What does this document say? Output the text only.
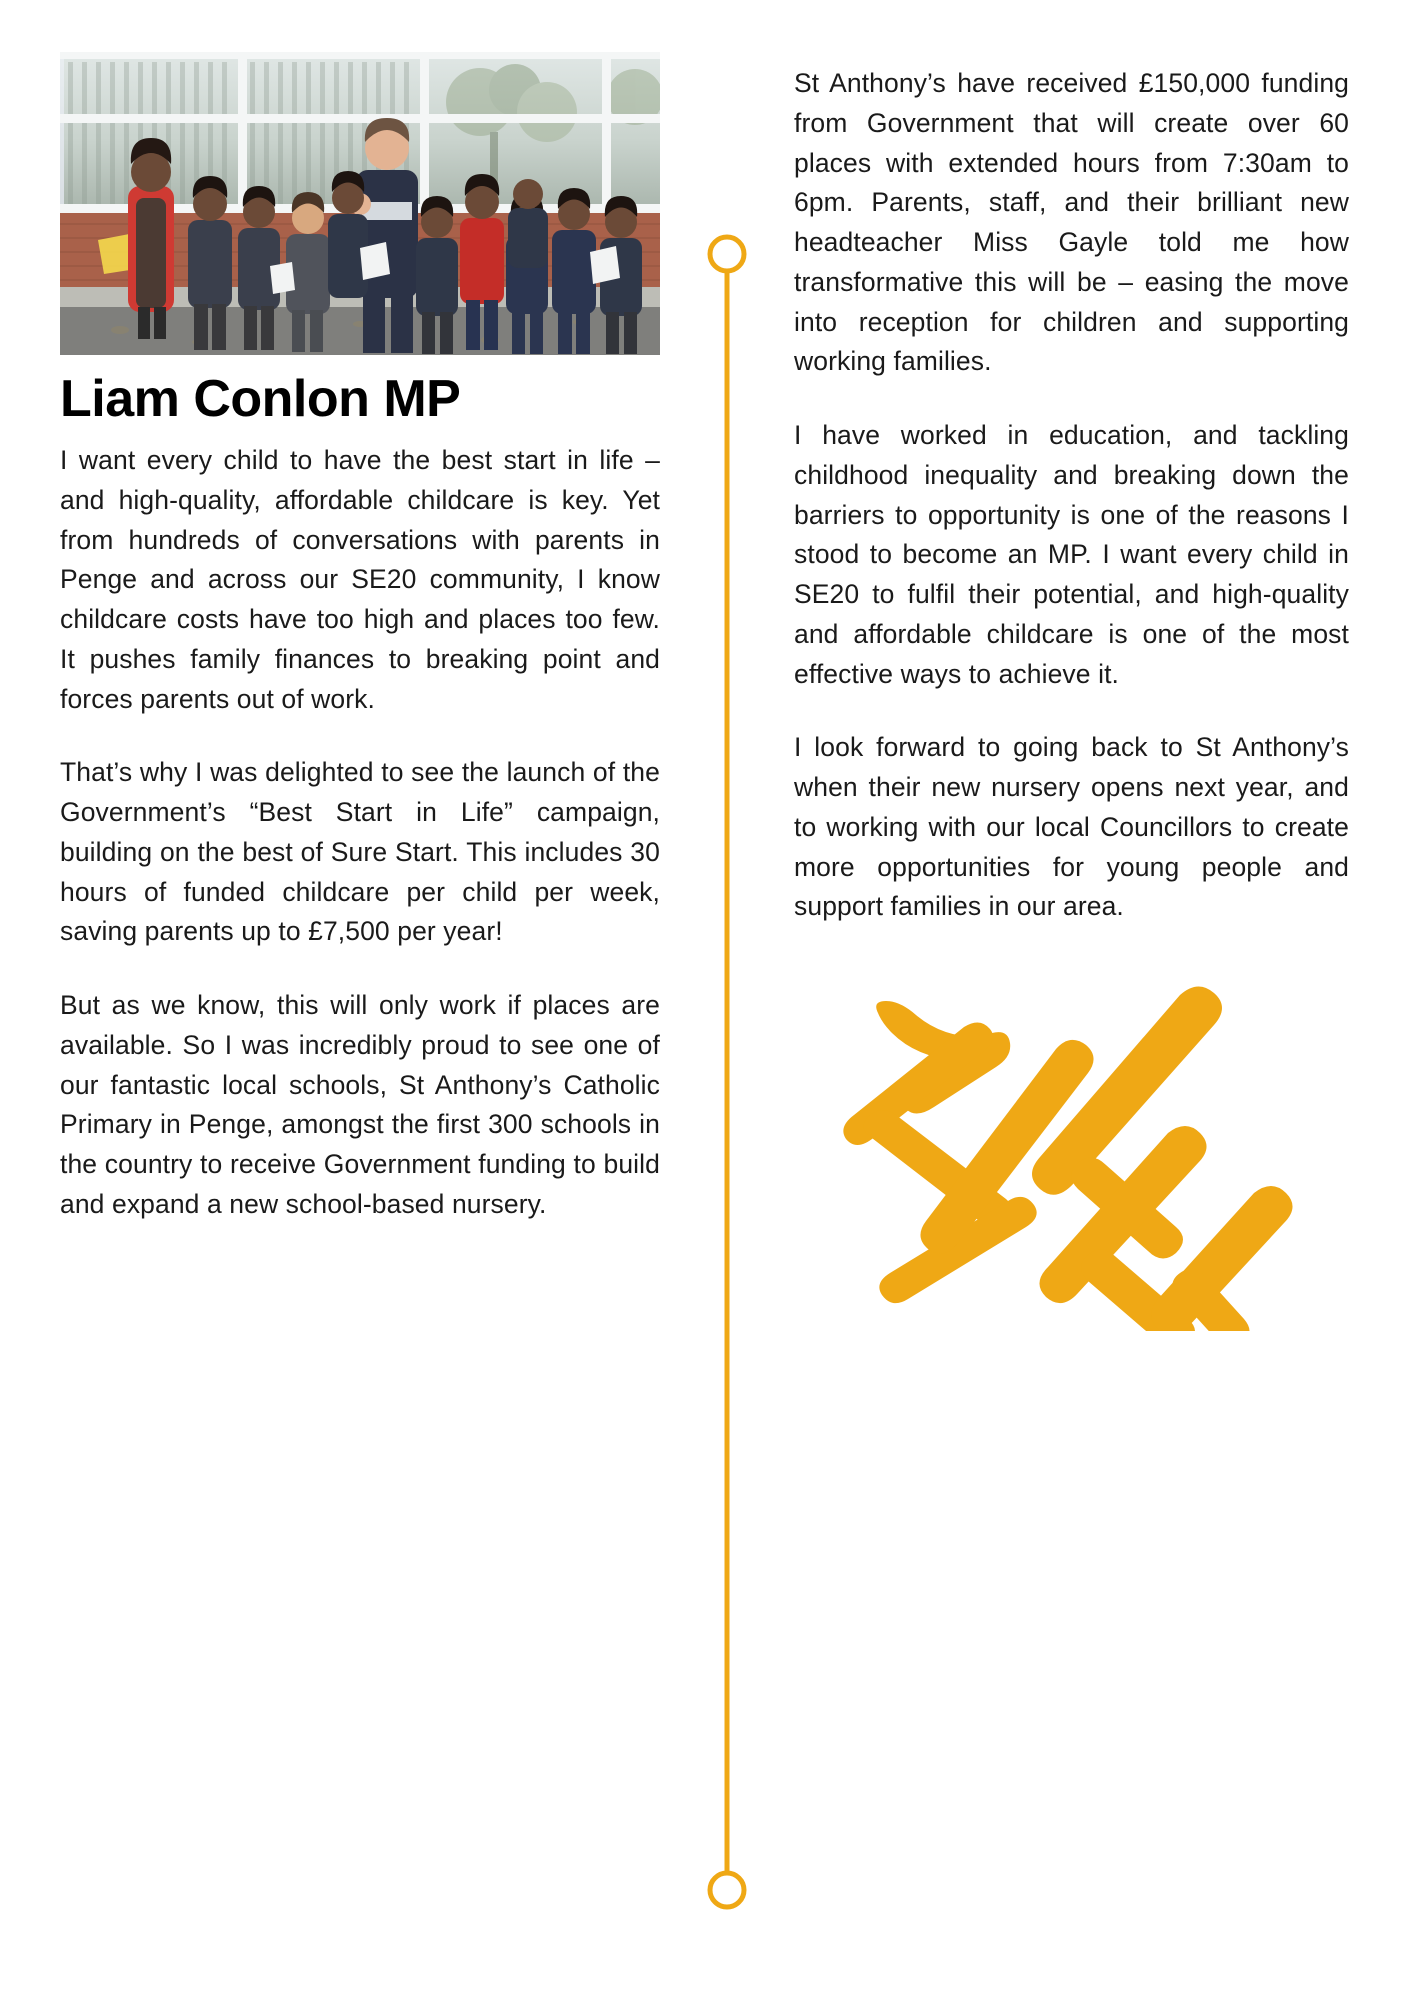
Liam Conlon MP

I want every child to have the best start in life – and high-quality, affordable childcare is key. Yet from hundreds of conversations with parents in Penge and across our SE20 community, I know childcare costs have too high and places too few. It pushes family finances to breaking point and forces parents out of work.

That’s why I was delighted to see the launch of the Government’s “Best Start in Life” campaign, building on the best of Sure Start. This includes 30 hours of funded childcare per child per week, saving parents up to £7,500 per year!

But as we know, this will only work if places are available. So I was incredibly proud to see one of our fantastic local schools, St Anthony’s Catholic Primary in Penge, amongst the first 300 schools in the country to receive Government funding to build and expand a new school-based nursery.

St Anthony’s have received £150,000 funding from Government that will create over 60 places with extended hours from 7:30am to 6pm. Parents, staff, and their brilliant new headteacher Miss Gayle told me how transformative this will be – easing the move into reception for children and supporting working families.

I have worked in education, and tackling childhood inequality and breaking down the barriers to opportunity is one of the reasons I stood to become an MP. I want every child in SE20 to fulfil their potential, and high-quality and affordable childcare is one of the most effective ways to achieve it.

I look forward to going back to St Anthony’s when their new nursery opens next year, and to working with our local Councillors to create more opportunities for young people and support families in our area.
